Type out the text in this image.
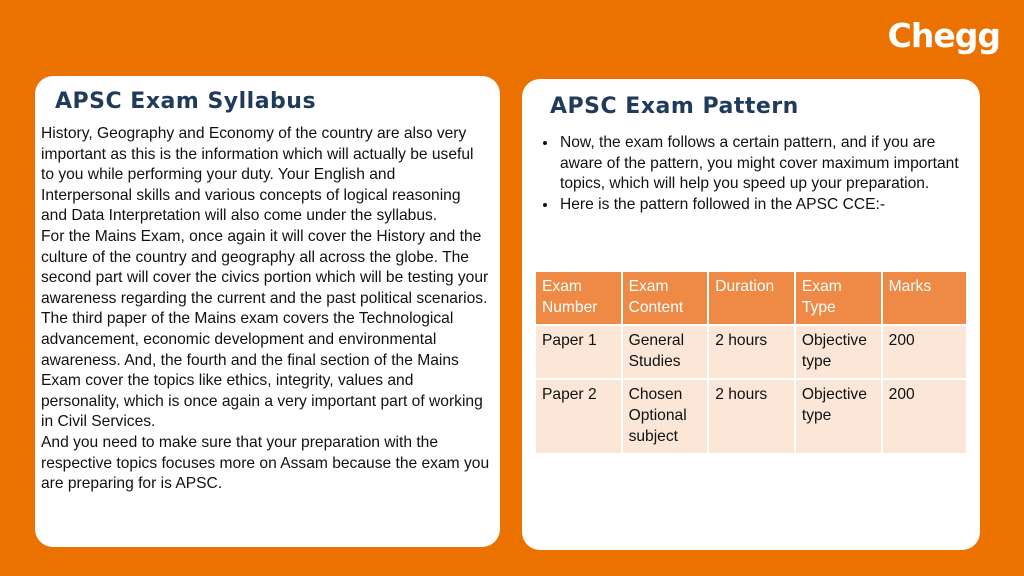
Chegg
APSC Exam Syllabus

History, Geography and Economy of the country are also very important as this is the information which will actually be useful to you while performing your duty. Your English and Interpersonal skills and various concepts of logical reasoning and Data Interpretation will also come under the syllabus.

For the Mains Exam, once again it will cover the History and the culture of the country and geography all across the globe. The second part will cover the civics portion which will be testing your awareness regarding the current and the past political scenarios.

The third paper of the Mains exam covers the Technological advancement, economic development and environmental awareness. And, the fourth and the final section of the Mains Exam cover the topics like ethics, integrity, values and personality, which is once again a very important part of working in Civil Services.

And you need to make sure that your preparation with the respective topics focuses more on Assam because the exam you are preparing for is APSC.

APSC Exam Pattern
• Now, the exam follows a certain pattern, and if you are aware of the pattern, you might cover maximum important topics, which will help you speed up your preparation.
• Here is the pattern followed in the APSC CCE:-
Exam Number	Exam Content	Duration	Exam Type	Marks
Paper 1	General Studies	2 hours	Objective type	200
Paper 2	Chosen Optional subject	2 hours	Objective type	200
